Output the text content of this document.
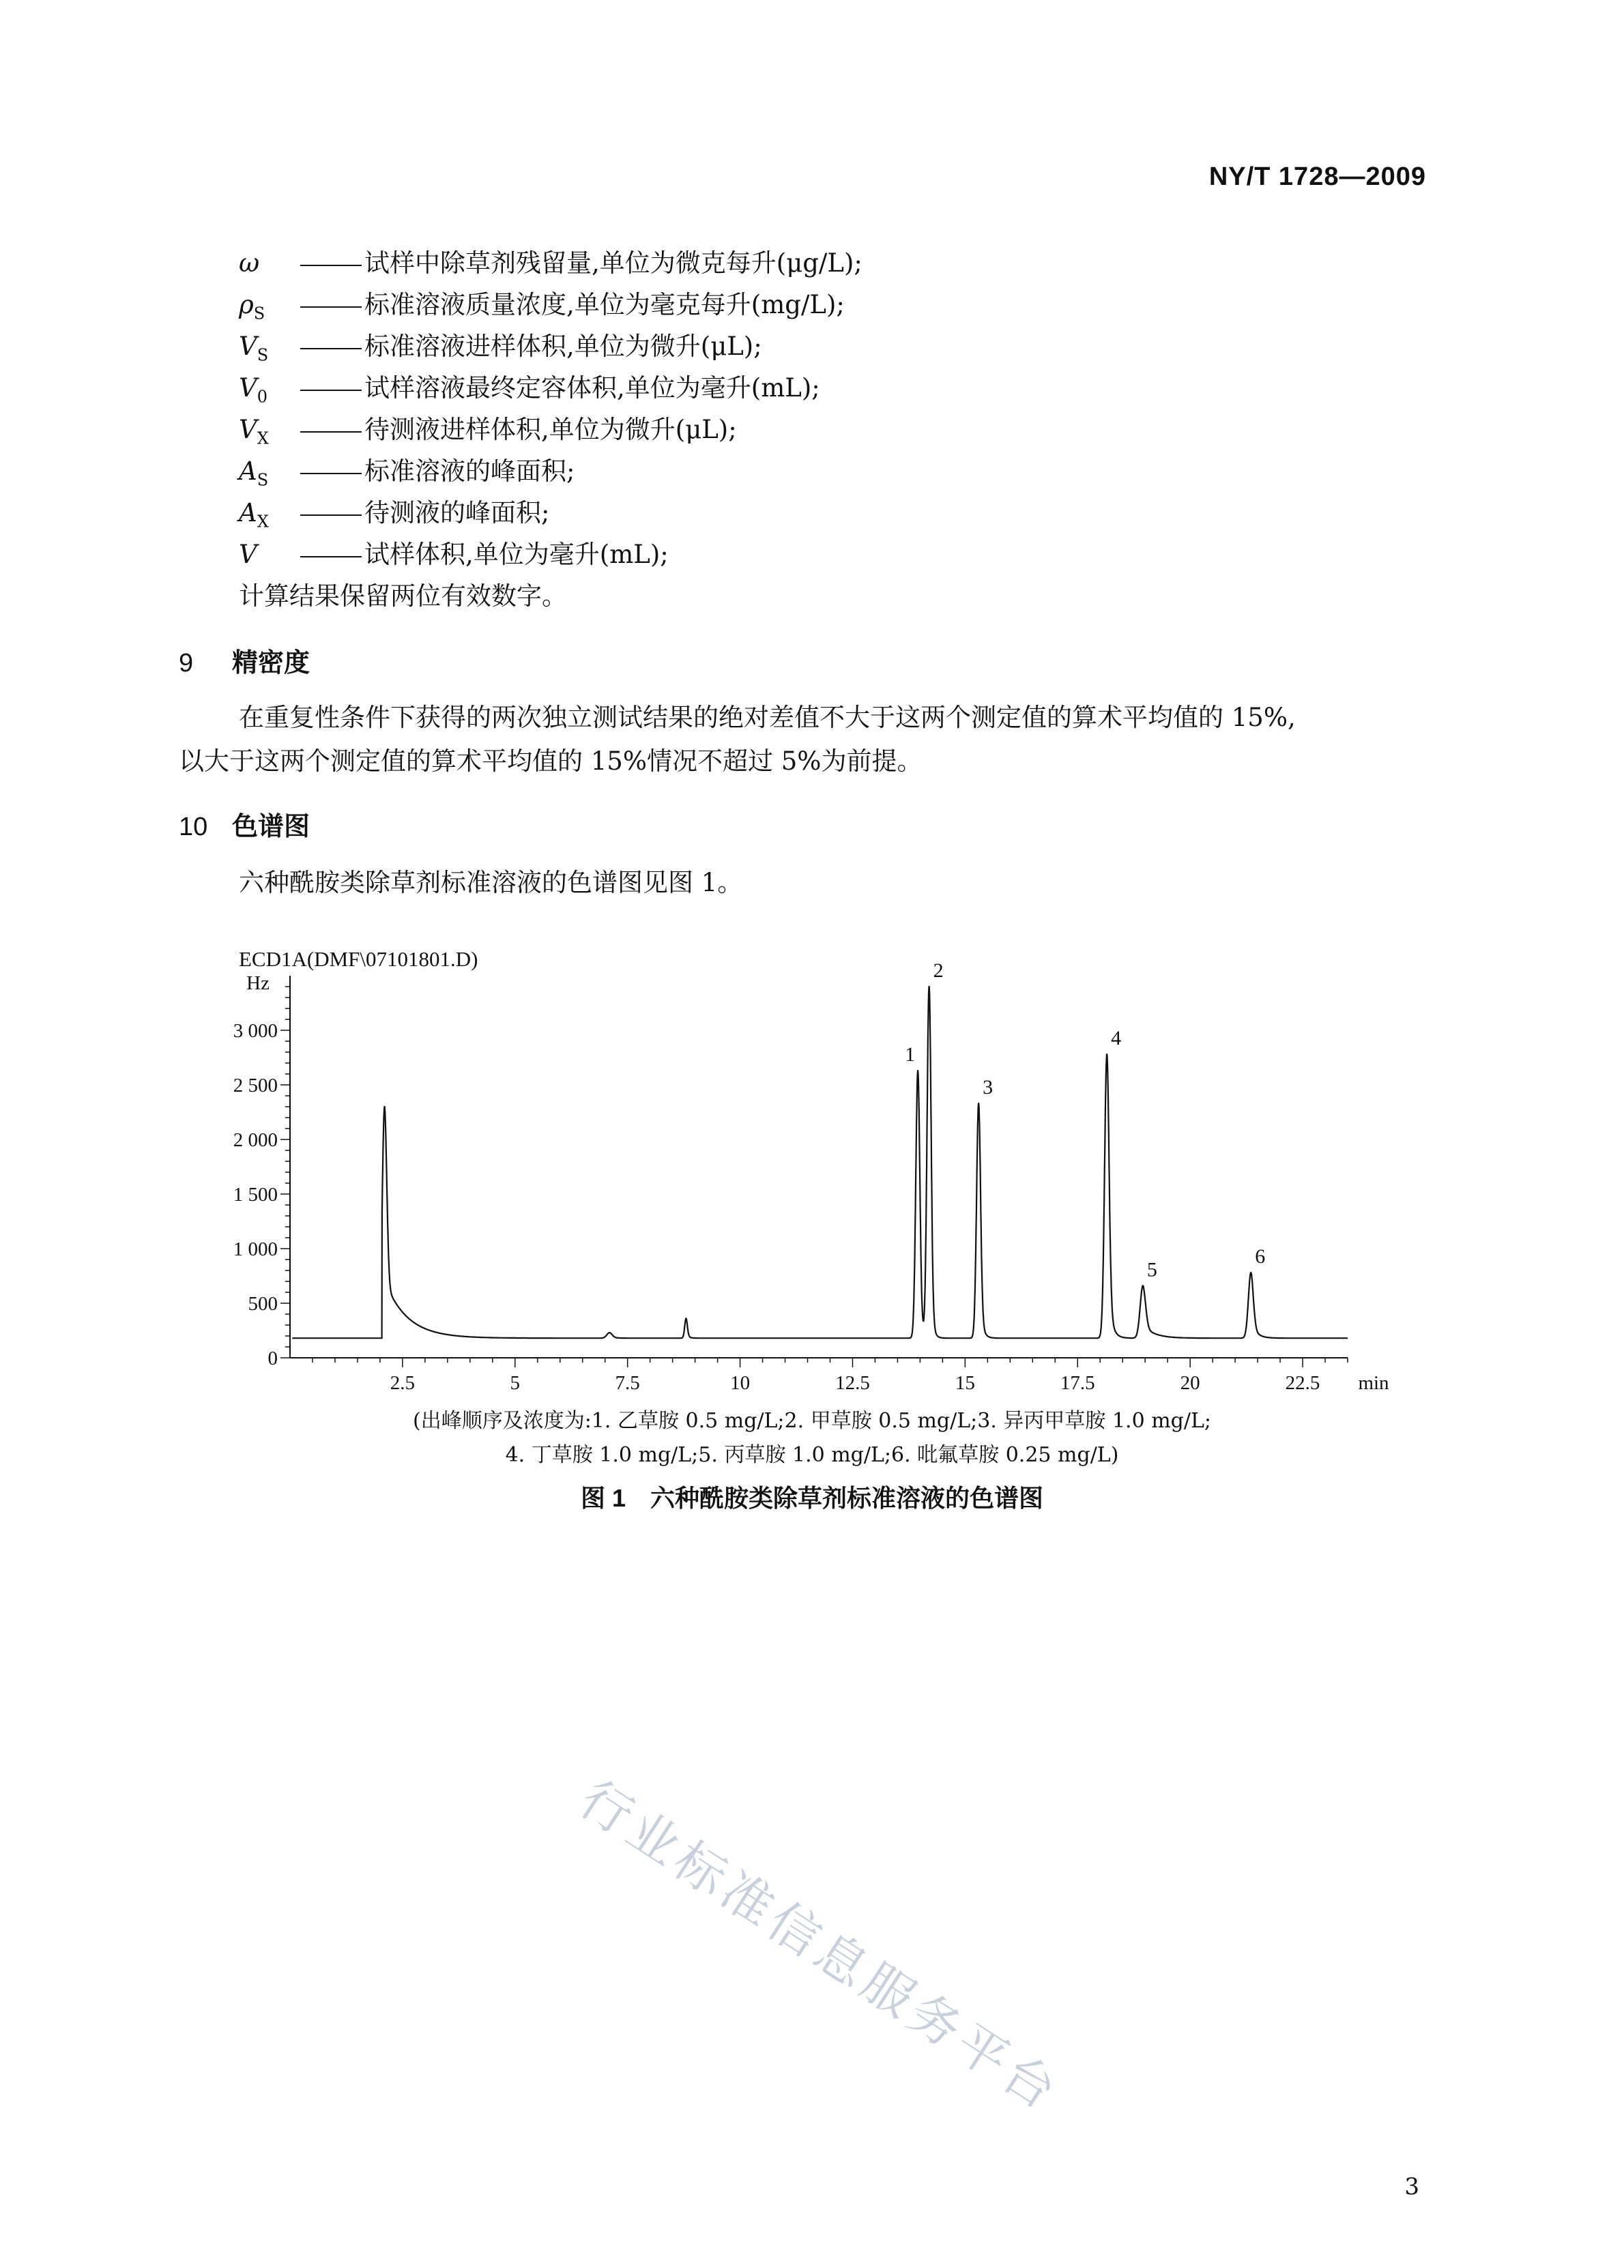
NY/T 1728—2009
ω	试样中除草剂残留量,单位为微克每升(μg/L);
$\rho_S$	标准溶液质量浓度,单位为毫克每升(mg/L);
$V_S$	标准溶液进样体积,单位为微升(μL);
$V_0$	试样溶液最终定容体积,单位为毫升(mL);
$V_X$	待测液进样体积,单位为微升(μL);
$A_S$	标准溶液的峰面积;
$A_X$	待测液的峰面积;
V	试样体积,单位为毫升(mL);
计算结果保留两位有效数字。
9 精密度
在重复性条件下获得的两次独立测试结果的绝对差值不大于这两个测定值的算术平均值的 15%,
以大于这两个测定值的算术平均值的 15%情况不超过 5%为前提。
10 色谱图
六种酰胺类除草剂标准溶液的色谱图见图 1。
ECD1A(DMF\07101801.D)
Hz
0
500
1 000
1 500
2 000
2 500
3 000
2.5	5	7.5	10	12.5	15	17.5	20	22.5 min
1
2
3
4
5
6
(出峰顺序及浓度为:1. 乙草胺 0.5 mg/L;2. 甲草胺 0.5 mg/L;3. 异丙甲草胺 1.0 mg/L;
4. 丁草胺 1.0 mg/L;5. 丙草胺 1.0 mg/L;6. 吡氟草胺 0.25 mg/L)
图 1　六种酰胺类除草剂标准溶液的色谱图
行业标准信息服务平台
3
